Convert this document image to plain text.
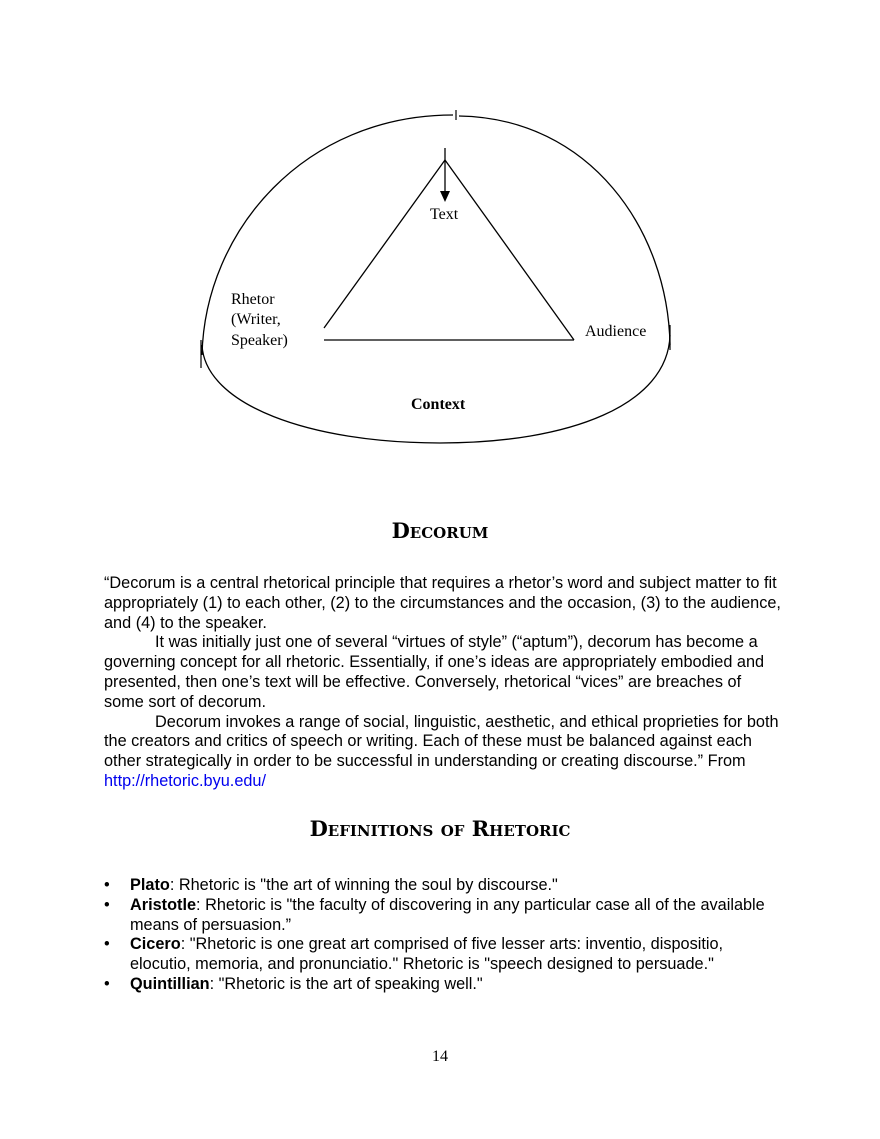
Text
Rhetor
(Writer,
Speaker)
Audience
Context
Decorum

“Decorum is a central rhetorical principle that requires a rhetor’s word and subject matter to fit appropriately (1) to each other, (2) to the circumstances and the occasion, (3) to the audience, and (4) to the speaker.

It was initially just one of several “virtues of style” (“aptum”), decorum has become a governing concept for all rhetoric. Essentially, if one’s ideas are appropriately embodied and presented, then one’s text will be effective. Conversely, rhetorical “vices” are breaches of some sort of decorum.

Decorum invokes a range of social, linguistic, aesthetic, and ethical proprieties for both the creators and critics of speech or writing. Each of these must be balanced against each other strategically in order to be successful in understanding or creating discourse.” From http://rhetoric.byu.edu/

Definitions of Rhetoric
• Plato: Rhetoric is "the art of winning the soul by discourse."
• Aristotle: Rhetoric is "the faculty of discovering in any particular case all of the available means of persuasion.”
• Cicero: "Rhetoric is one great art comprised of five lesser arts: inventio, dispositio, elocutio, memoria, and pronunciatio." Rhetoric is "speech designed to persuade."
• Quintillian: "Rhetoric is the art of speaking well."
14
